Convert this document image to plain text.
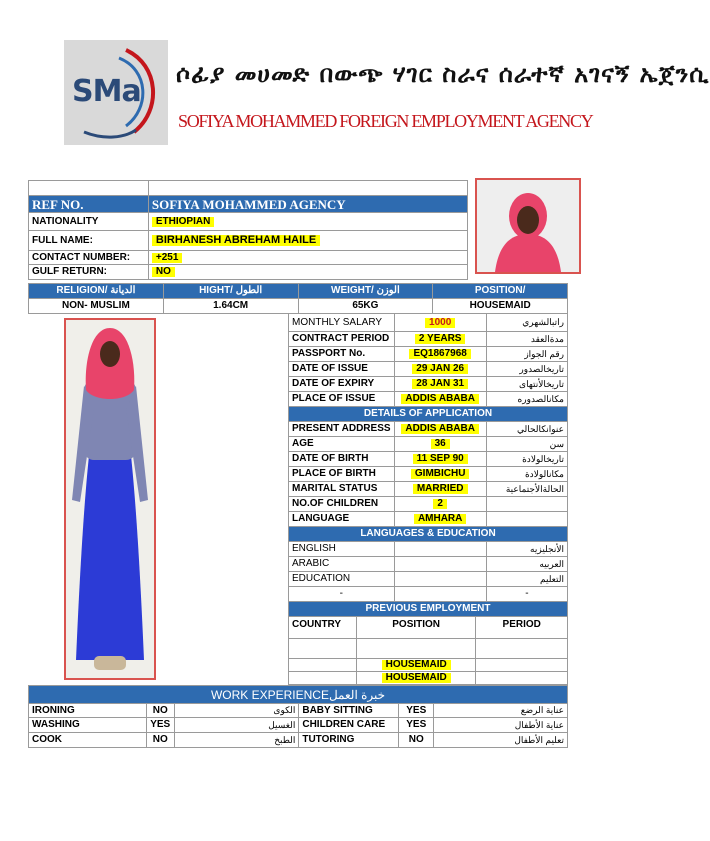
SMa ሶፊያ መሀመድ በውጭ ሃገር ስራና ሰራተኛ አገናኝ ኤጀንሲ
SOFIYA MOHAMMED FOREIGN EMPLOYMENT AGENCY

REF NO.	SOFIYA MOHAMMED AGENCY
NATIONALITY	ETHIOPIAN
FULL NAME:	BIRHANESH ABREHAM HAILE
CONTACT NUMBER:	+251
GULF RETURN:	NO
RELIGION/ الديانة	HIGHT/ الطول	WEIGHT/ الوزن	POSITION/
NON- MUSLIM	1.64CM	65KG	HOUSEMAID
MONTHLY SALARY	1000	راتبالشهري
CONTRACT PERIOD	2 YEARS	مدةالعقد
PASSPORT No.	EQ1867968	رقم الجواز
DATE OF ISSUE	29 JAN 26	تاريخالصدور
DATE OF EXPIRY	28 JAN 31	تاريخالأنتهاى
PLACE OF ISSUE	ADDIS ABABA	مكانالصدوره
DETAILS OF APPLICATION		
PRESENT ADDRESS	ADDIS ABABA	عنوانكالحالي
AGE	36	سن
DATE OF BIRTH	11 SEP 90	تاريخالولادة
PLACE OF BIRTH	GIMBICHU	مكانالولادة
MARITAL STATUS	MARRIED	الحالةالأجتماعية
NO.OF CHILDREN	2	
LANGUAGE	AMHARA	
LANGUAGES & EDUCATION		
ENGLISH		الأنجليزيه
ARABIC		العربيه
EDUCATION		التعليم
-		-
PREVIOUS EMPLOYMENT		
COUNTRY	POSITION	PERIOD

	HOUSEMAID	
	HOUSEMAID	

WORK EXPERIENCEخبرة العمل					
IRONING	NO	الكوى	BABY SITTING	YES	عناية الرضع
WASHING	YES	الغسيل	CHILDREN CARE	YES	عناية الأطفال
COOK	NO	الطبخ	TUTORING	NO	تعليم الأطفال
